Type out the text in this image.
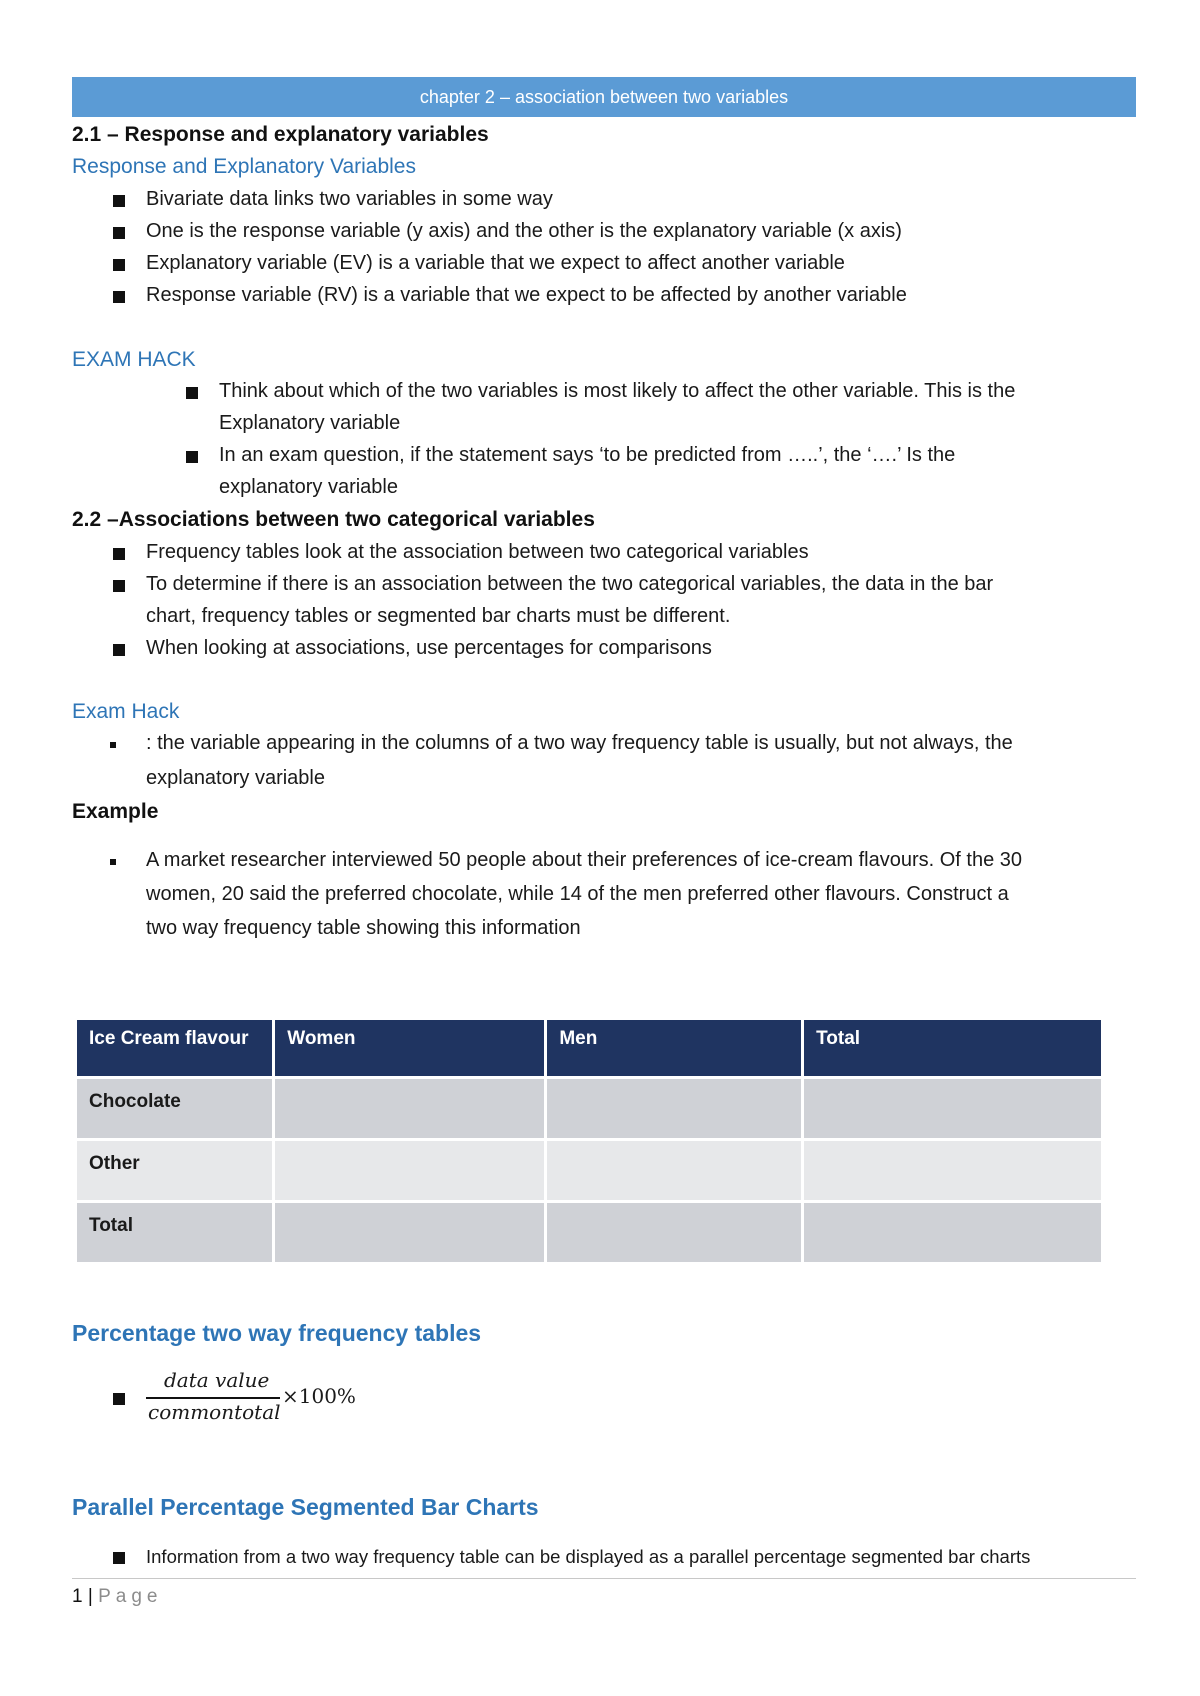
chapter 2 – association between two variables
2.1 – Response and explanatory variables
Response and Explanatory Variables
Bivariate data links two variables in some way
One is the response variable (y axis) and the other is the explanatory variable (x axis)
Explanatory variable (EV) is a variable that we expect to affect another variable
Response variable (RV) is a variable that we expect to be affected by another variable
EXAM HACK
Think about which of the two variables is most likely to affect the other variable. This is the
Explanatory variable
In an exam question, if the statement says ‘to be predicted from …..’, the ‘….’ Is the
explanatory variable
2.2 –Associations between two categorical variables
Frequency tables look at the association between two categorical variables
To determine if there is an association between the two categorical variables, the data in the bar
chart, frequency tables or segmented bar charts must be different.
When looking at associations, use percentages for comparisons
Exam Hack
: the variable appearing in the columns of a two way frequency table is usually, but not always, the
explanatory variable
Example
A market researcher interviewed 50 people about their preferences of ice-cream flavours. Of the 30
women, 20 said the preferred chocolate, while 14 of the men preferred other flavours. Construct a
two way frequency table showing this information
Ice Cream flavour	Women	Men	Total
Chocolate			
Other			
Total			
Percentage two way frequency tables
data value
commontotal
×100%
Parallel Percentage Segmented Bar Charts
Information from a two way frequency table can be displayed as a parallel percentage segmented bar charts
1 | Page
